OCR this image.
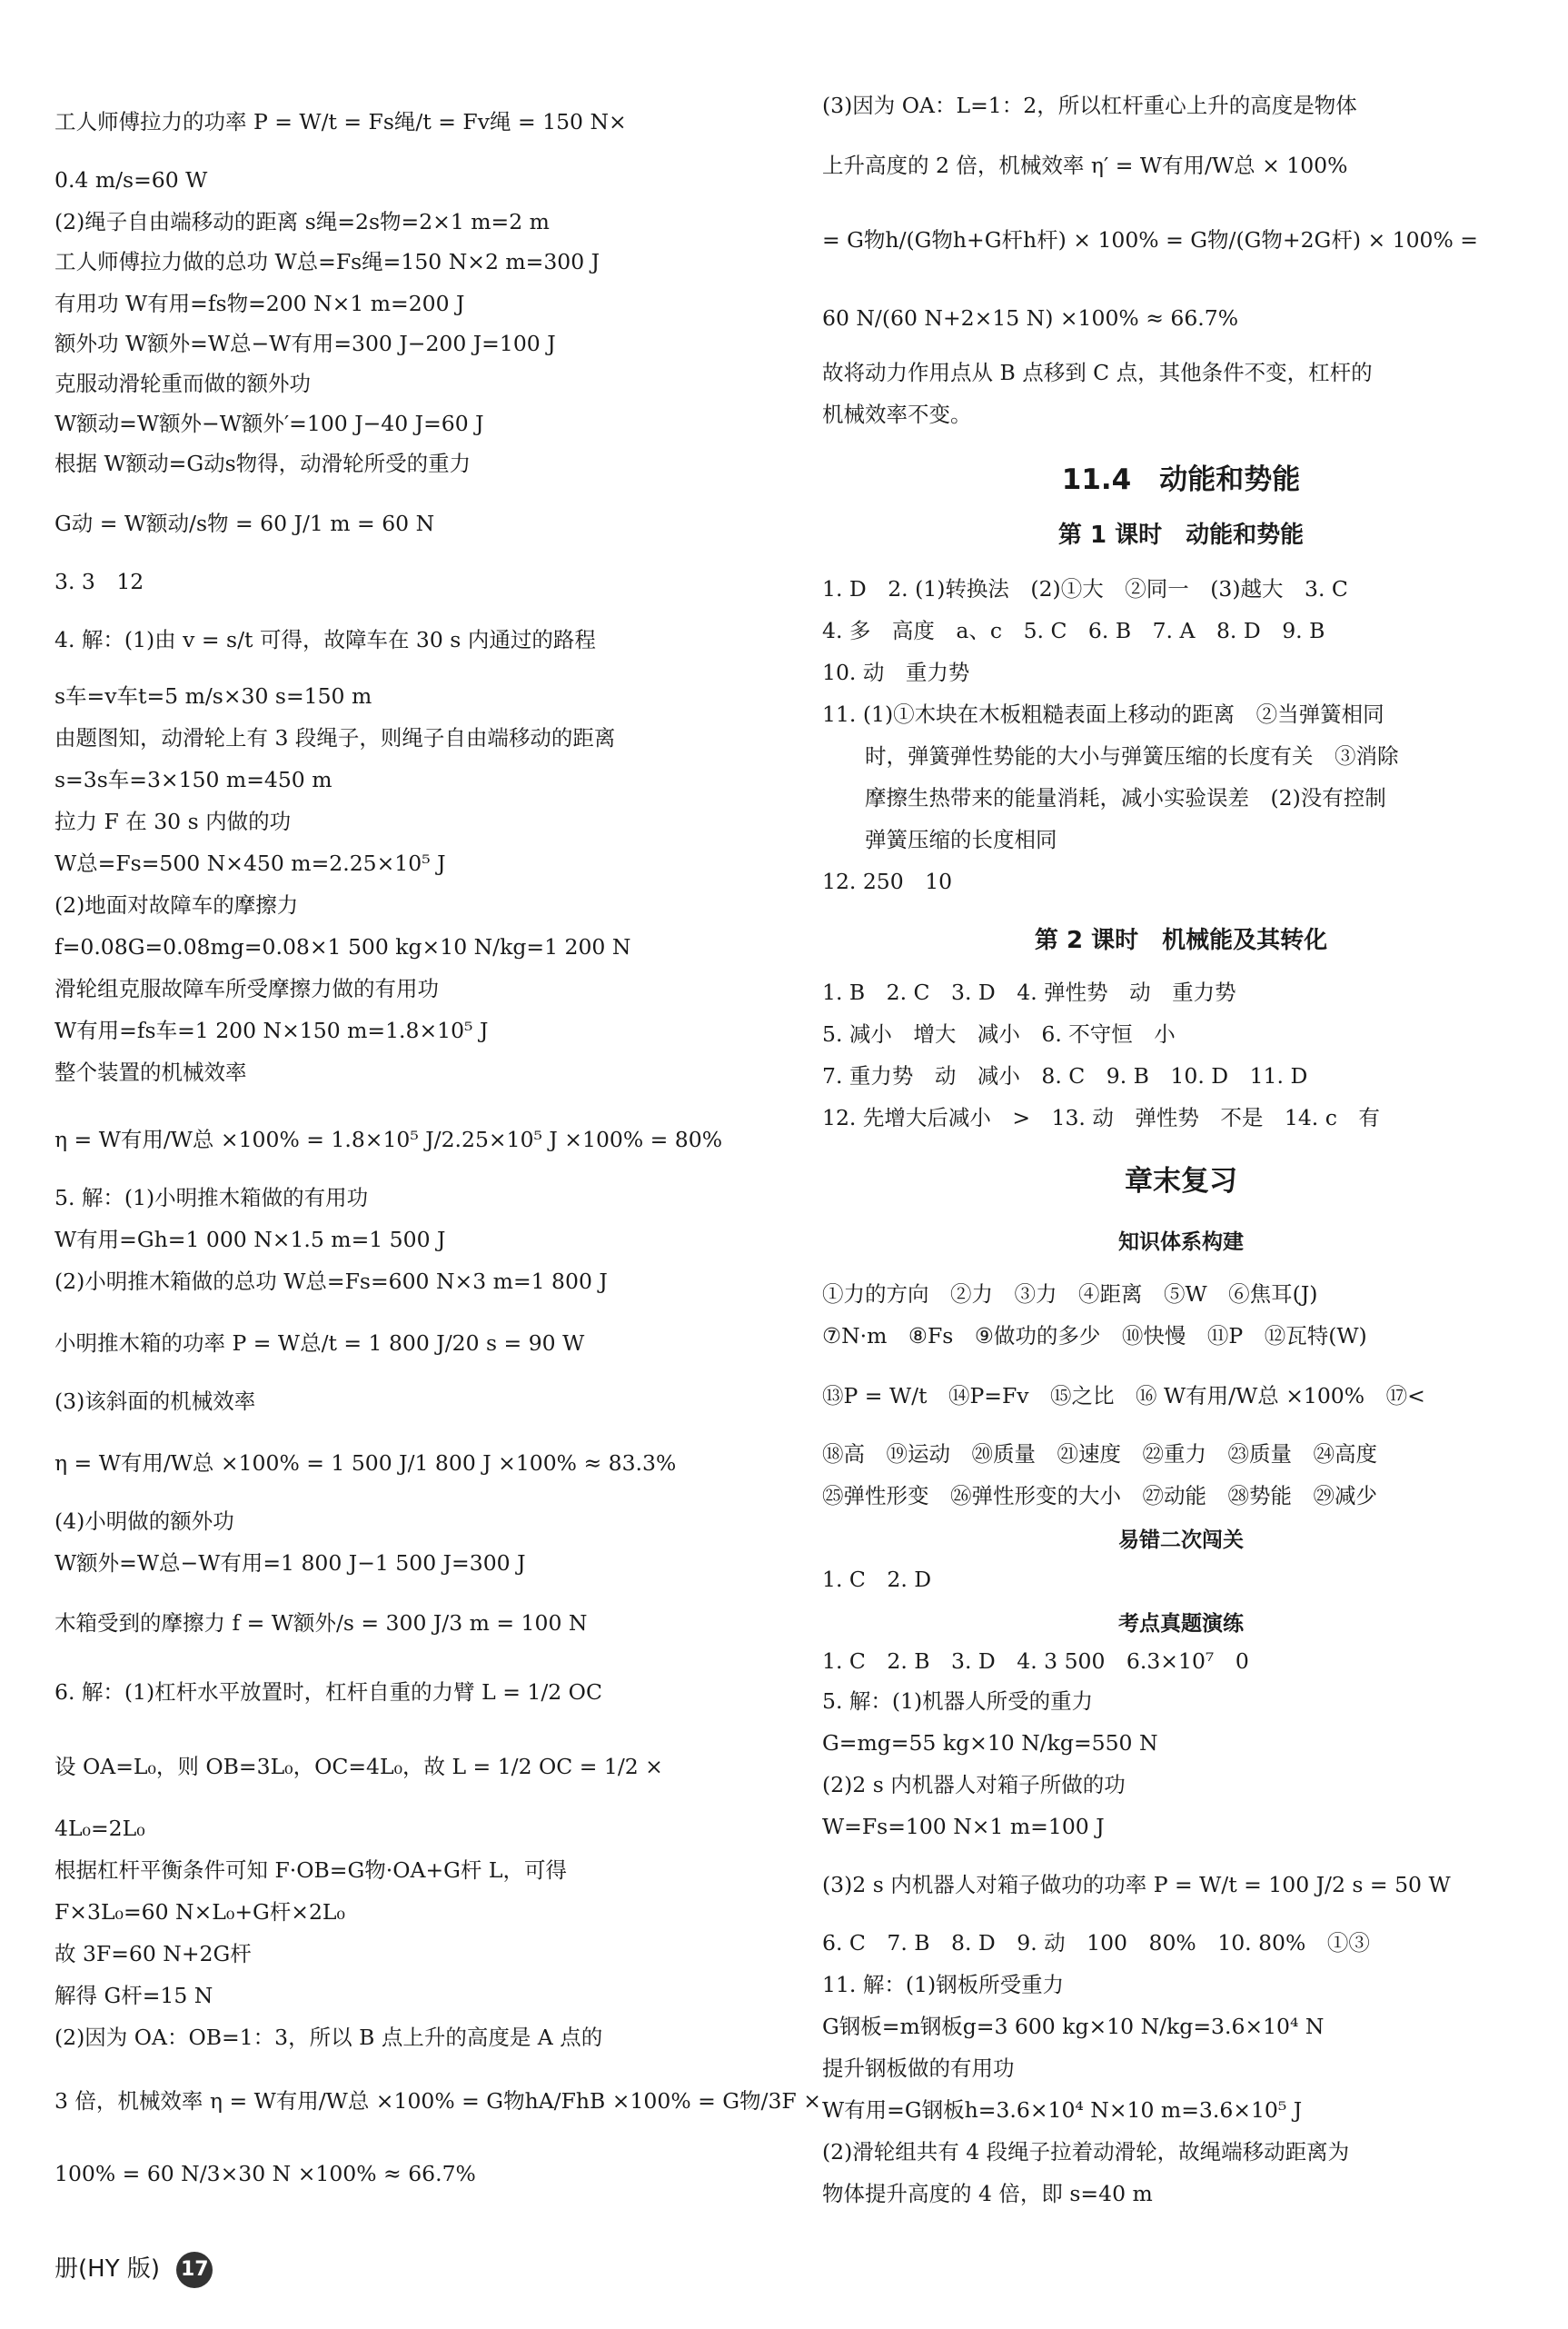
工人师傅拉力的功率 P = W/t = Fs绳/t = Fv绳 = 150 N×
0.4 m/s=60 W
(2)绳子自由端移动的距离 s绳=2s物=2×1 m=2 m
工人师傅拉力做的总功 W总=Fs绳=150 N×2 m=300 J
有用功 W有用=fs物=200 N×1 m=200 J
额外功 W额外=W总−W有用=300 J−200 J=100 J
克服动滑轮重而做的额外功
W额动=W额外−W额外′=100 J−40 J=60 J
根据 W额动=G动s物得，动滑轮所受的重力
G动 = W额动/s物 = 60 J/1 m = 60 N
3. 3　12
4. 解：(1)由 v = s/t 可得，故障车在 30 s 内通过的路程
s车=v车t=5 m/s×30 s=150 m
由题图知，动滑轮上有 3 段绳子，则绳子自由端移动的距离
s=3s车=3×150 m=450 m
拉力 F 在 30 s 内做的功
W总=Fs=500 N×450 m=2.25×10⁵ J
(2)地面对故障车的摩擦力
f=0.08G=0.08mg=0.08×1 500 kg×10 N/kg=1 200 N
滑轮组克服故障车所受摩擦力做的有用功
W有用=fs车=1 200 N×150 m=1.8×10⁵ J
整个装置的机械效率
η = W有用/W总 ×100% = 1.8×10⁵ J/2.25×10⁵ J ×100% = 80%
5. 解：(1)小明推木箱做的有用功
W有用=Gh=1 000 N×1.5 m=1 500 J
(2)小明推木箱做的总功 W总=Fs=600 N×3 m=1 800 J
小明推木箱的功率 P = W总/t = 1 800 J/20 s = 90 W
(3)该斜面的机械效率
η = W有用/W总 ×100% = 1 500 J/1 800 J ×100% ≈ 83.3%
(4)小明做的额外功
W额外=W总−W有用=1 800 J−1 500 J=300 J
木箱受到的摩擦力 f = W额外/s = 300 J/3 m = 100 N
6. 解：(1)杠杆水平放置时，杠杆自重的力臂 L = 1/2 OC
设 OA=L₀，则 OB=3L₀，OC=4L₀，故 L = 1/2 OC = 1/2 ×
4L₀=2L₀
根据杠杆平衡条件可知 F·OB=G物·OA+G杆 L，可得
F×3L₀=60 N×L₀+G杆×2L₀
故 3F=60 N+2G杆
解得 G杆=15 N
(2)因为 OA：OB=1：3，所以 B 点上升的高度是 A 点的
3 倍，机械效率 η = W有用/W总 ×100% = G物hA/FhB ×100% = G物/3F ×
100% = 60 N/3×30 N ×100% ≈ 66.7%
册(HY 版) 17
(3)因为 OA：L=1：2，所以杠杆重心上升的高度是物体
上升高度的 2 倍，机械效率 η′ = W有用/W总 × 100%
= G物h/(G物h+G杆h杆) × 100% = G物/(G物+2G杆) × 100% =
60 N/(60 N+2×15 N) ×100% ≈ 66.7%
故将动力作用点从 B 点移到 C 点，其他条件不变，杠杆的
机械效率不变。
11.4　动能和势能
第 1 课时　动能和势能
1. D　2. (1)转换法　(2)①大　②同一　(3)越大　3. C
4. 多　高度　a、c　5. C　6. B　7. A　8. D　9. B
10. 动　重力势
11. (1)①木块在木板粗糙表面上移动的距离　②当弹簧相同
　　时，弹簧弹性势能的大小与弹簧压缩的长度有关　③消除
　　摩擦生热带来的能量消耗，减小实验误差　(2)没有控制
　　弹簧压缩的长度相同
12. 250　10
第 2 课时　机械能及其转化
1. B　2. C　3. D　4. 弹性势　动　重力势
5. 减小　增大　减小　6. 不守恒　小
7. 重力势　动　减小　8. C　9. B　10. D　11. D
12. 先增大后减小　>　13. 动　弹性势　不是　14. c　有
章末复习
知识体系构建
①力的方向　②力　③力　④距离　⑤W　⑥焦耳(J)
⑦N·m　⑧Fs　⑨做功的多少　⑩快慢　⑪P　⑫瓦特(W)
⑬P = W/t　⑭P=Fv　⑮之比　⑯ W有用/W总 ×100%　⑰<
⑱高　⑲运动　⑳质量　㉑速度　㉒重力　㉓质量　㉔高度
㉕弹性形变　㉖弹性形变的大小　㉗动能　㉘势能　㉙减少
易错二次闯关
1. C　2. D
考点真题演练
1. C　2. B　3. D　4. 3 500　6.3×10⁷　0
5. 解：(1)机器人所受的重力
G=mg=55 kg×10 N/kg=550 N
(2)2 s 内机器人对箱子所做的功
W=Fs=100 N×1 m=100 J
(3)2 s 内机器人对箱子做功的功率 P = W/t = 100 J/2 s = 50 W
6. C　7. B　8. D　9. 动　100　80%　10. 80%　①③
11. 解：(1)钢板所受重力
G钢板=m钢板g=3 600 kg×10 N/kg=3.6×10⁴ N
提升钢板做的有用功
W有用=G钢板h=3.6×10⁴ N×10 m=3.6×10⁵ J
(2)滑轮组共有 4 段绳子拉着动滑轮，故绳端移动距离为
物体提升高度的 4 倍，即 s=40 m
